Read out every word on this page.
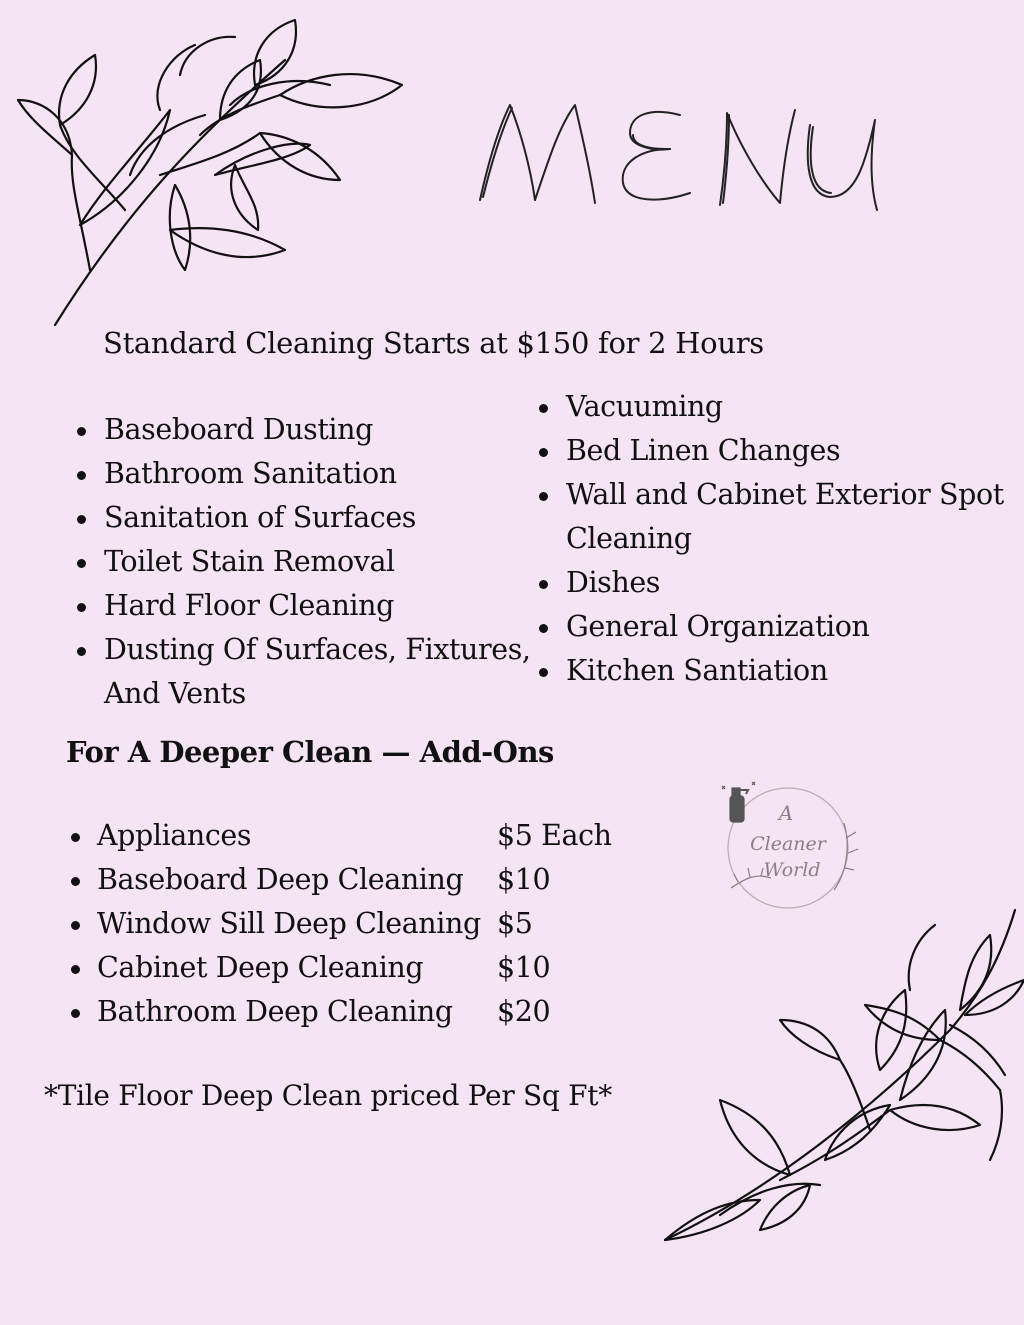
Standard Cleaning Starts at $150 for 2 Hours
Baseboard Dusting
Bathroom Sanitation
Sanitation of Surfaces
Toilet Stain Removal
Hard Floor Cleaning
Dusting Of Surfaces, Fixtures, And Vents
Vacuuming
Bed Linen Changes
Wall and Cabinet Exterior Spot Cleaning
Dishes
General Organization
Kitchen Santiation
For A Deeper Clean — Add-Ons
Appliances	$5 Each
Baseboard Deep Cleaning	$10
Window Sill Deep Cleaning $5
Cabinet Deep Cleaning	$10
Bathroom Deep Cleaning	$20
*Tile Floor Deep Clean priced Per Sq Ft*
A
Cleaner
World
